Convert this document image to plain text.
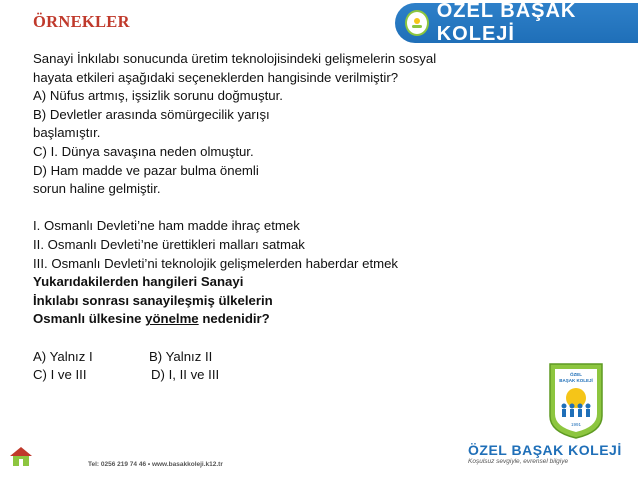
ÖRNEKLER	ÖZEL BAŞAK KOLEJİ
Sanayi İnkılabı sonucunda üretim teknolojisindeki gelişmelerin sosyal
hayata etkileri aşağıdaki seçeneklerden hangisinde verilmiştir?
A) Nüfus artmış, işsizlik sorunu doğmuştur.
B) Devletler arasında sömürgecilik yarışı
başlamıştır.
C) I. Dünya savaşına neden olmuştur.
D) Ham madde ve pazar bulma önemli
sorun haline gelmiştir.
I. Osmanlı Devleti’ne ham madde ihraç etmek
II. Osmanlı Devleti’ne ürettikleri malları satmak
III. Osmanlı Devleti’ni teknolojik gelişmelerden haberdar etmek
Yukarıdakilerden hangileri Sanayi
İnkılabı sonrası sanayileşmiş ülkelerin
Osmanlı ülkesine yönelme nedenidir?
A) Yalnız I	B) Yalnız II
C) I ve III	D) I, II ve III	ÖZEL
BAŞAK KOLEJİ
1991
ÖZEL BAŞAK KOLEJİ
Koşulsuz sevgiyle, evrensel bilgiye
Tel: 0256 219 74 46 • www.basakkoleji.k12.tr
